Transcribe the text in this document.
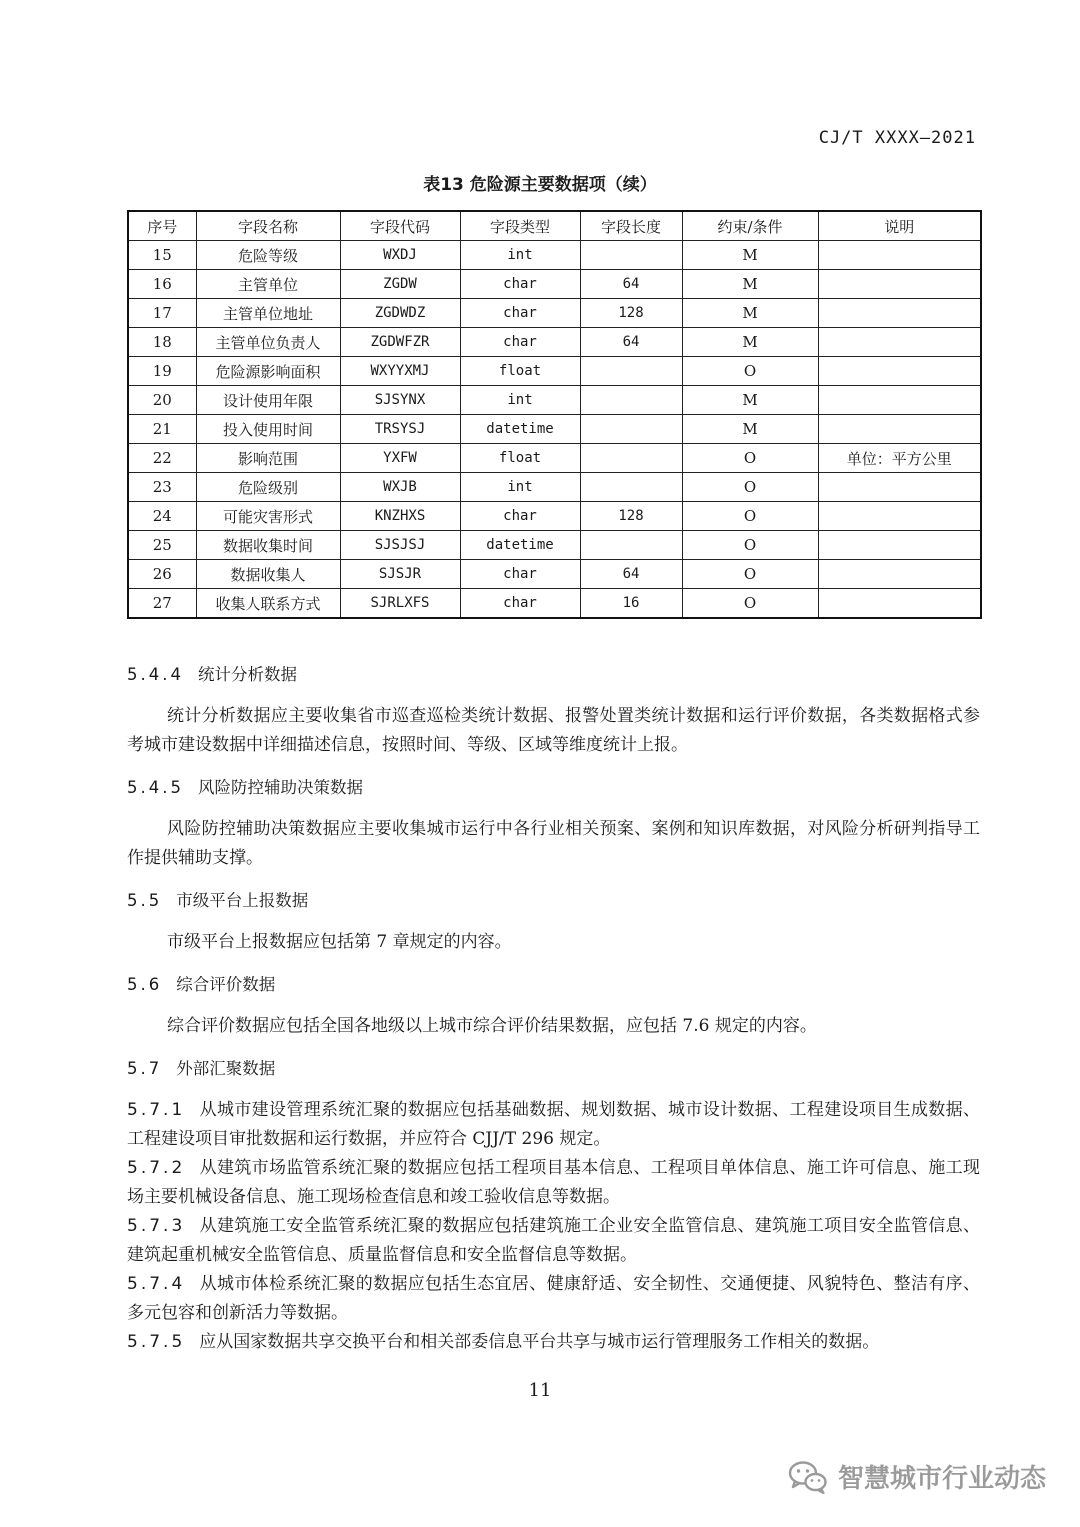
CJ/T XXXX—2021
表13 危险源主要数据项（续）
序号	字段名称	字段代码	字段类型	字段长度	约束/条件	说明
15	危险等级	WXDJ	int		M	
16	主管单位	ZGDW	char	64	M	
17	主管单位地址	ZGDWDZ	char	128	M	
18	主管单位负责人	ZGDWFZR	char	64	M	
19	危险源影响面积	WXYYXMJ	float		O	
20	设计使用年限	SJSYNX	int		M	
21	投入使用时间	TRSYSJ	datetime		M	
22	影响范围	YXFW	float		O	单位：平方公里
23	危险级别	WXJB	int		O	
24	可能灾害形式	KNZHXS	char	128	O	
25	数据收集时间	SJSJSJ	datetime		O	
26	数据收集人	SJSJR	char	64	O	
27	收集人联系方式	SJRLXFS	char	16	O	

5.4.4 统计分析数据

统计分析数据应主要收集省市巡查巡检类统计数据、报警处置类统计数据和运行评价数据，各类数据格式参考城市建设数据中详细描述信息，按照时间、等级、区域等维度统计上报。

5.4.5 风险防控辅助决策数据

风险防控辅助决策数据应主要收集城市运行中各行业相关预案、案例和知识库数据，对风险分析研判指导工作提供辅助支撑。

5.5 市级平台上报数据

市级平台上报数据应包括第 7 章规定的内容。

5.6 综合评价数据

综合评价数据应包括全国各地级以上城市综合评价结果数据，应包括 7.6 规定的内容。

5.7 外部汇聚数据

5.7.1 从城市建设管理系统汇聚的数据应包括基础数据、规划数据、城市设计数据、工程建设项目生成数据、工程建设项目审批数据和运行数据，并应符合 CJJ/T 296 规定。

5.7.2 从建筑市场监管系统汇聚的数据应包括工程项目基本信息、工程项目单体信息、施工许可信息、施工现场主要机械设备信息、施工现场检查信息和竣工验收信息等数据。

5.7.3 从建筑施工安全监管系统汇聚的数据应包括建筑施工企业安全监管信息、建筑施工项目安全监管信息、建筑起重机械安全监管信息、质量监督信息和安全监督信息等数据。

5.7.4 从城市体检系统汇聚的数据应包括生态宜居、健康舒适、安全韧性、交通便捷、风貌特色、整洁有序、多元包容和创新活力等数据。

5.7.5 应从国家数据共享交换平台和相关部委信息平台共享与城市运行管理服务工作相关的数据。

11
智慧城市行业动态
